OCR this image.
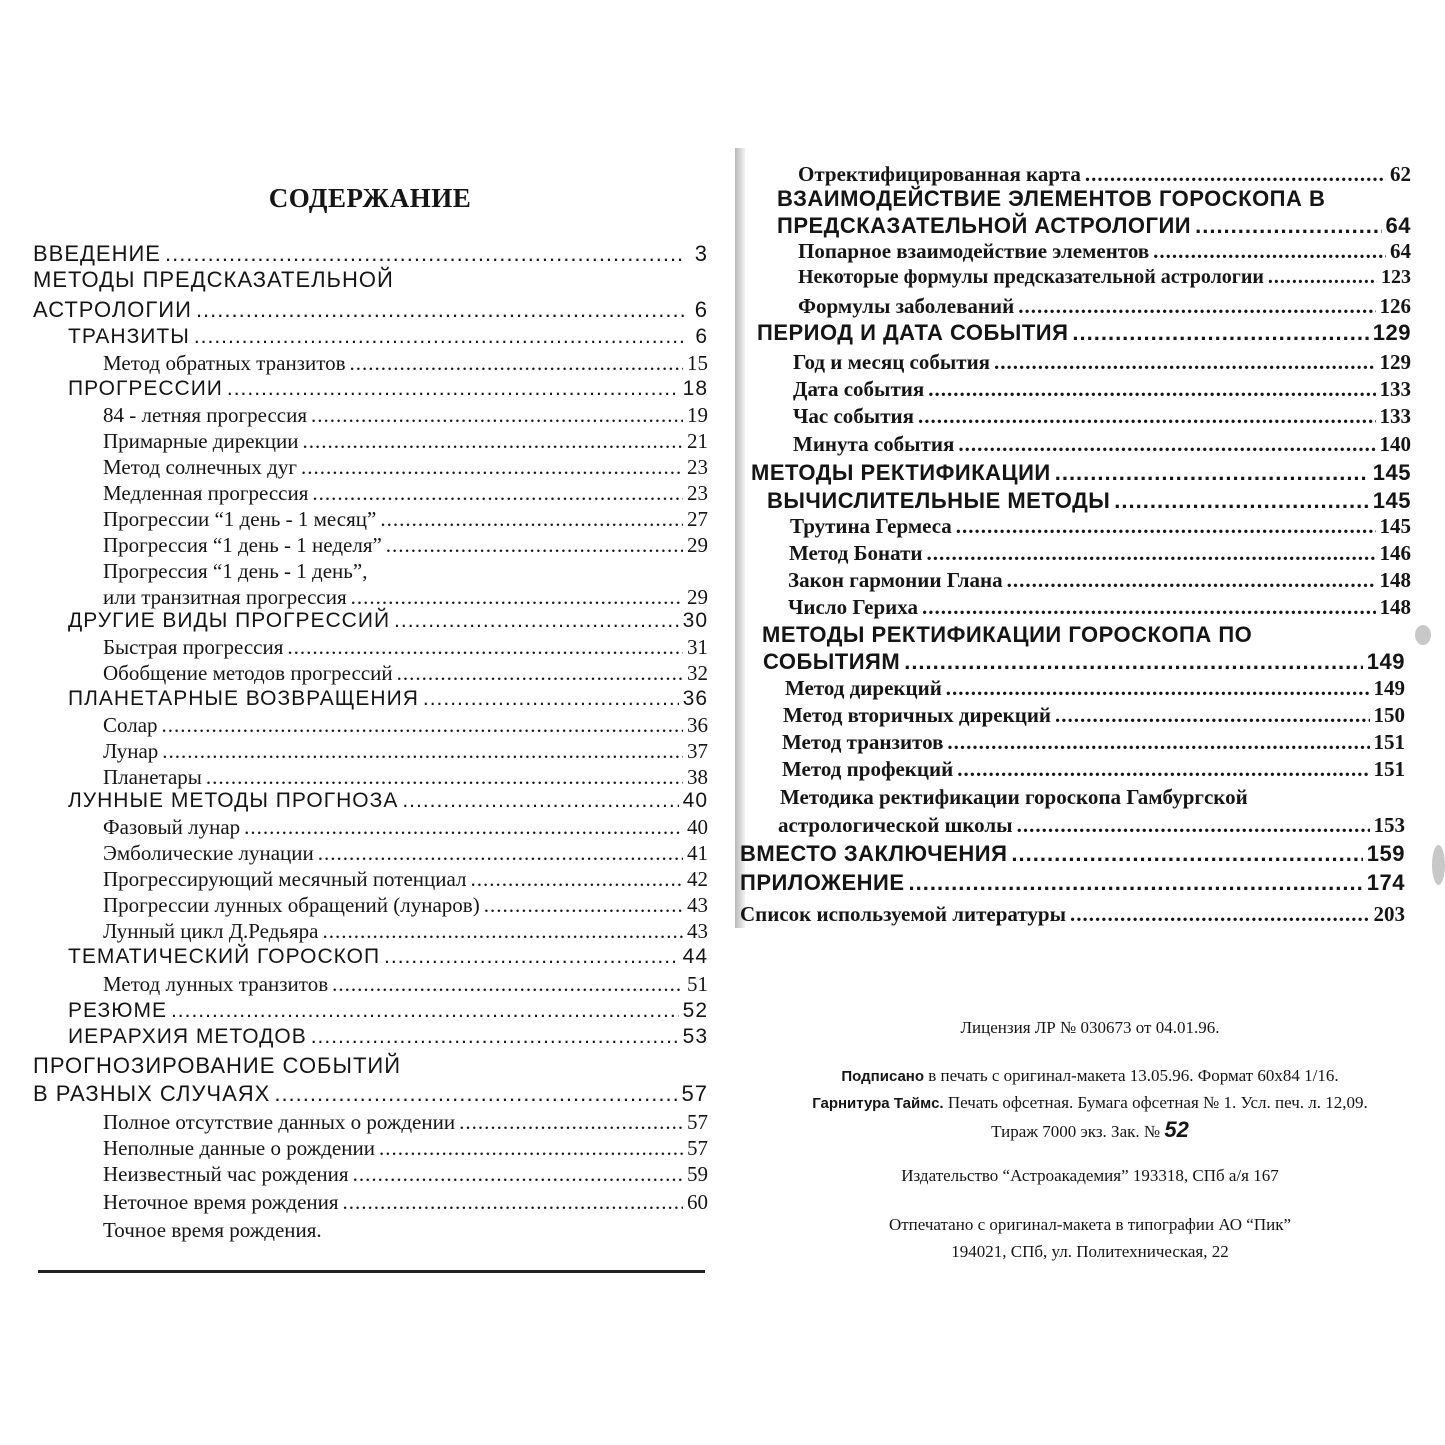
СОДЕРЖАНИЕ
ВВЕДЕНИЕ .....	3
МЕТОДЫ ПРЕДСКАЗАТЕЛЬНОЙ
АСТРОЛОГИИ .....	6
ТРАНЗИТЫ .....	6
Метод обратных транзитов .....	15
ПРОГРЕССИИ .....	18
84 - летняя прогрессия .....	19
Примарные дирекции .....	21
Метод солнечных дуг .....	23
Медленная прогрессия .....	23
Прогрессии “1 день - 1 месяц” .....	27
Прогрессия “1 день - 1 неделя” .....	29
Прогрессия “1 день - 1 день”,
или транзитная прогрессия .....	29
ДРУГИЕ ВИДЫ ПРОГРЕССИЙ .....	30
Быстрая прогрессия .....	31
Обобщение методов прогрессий .....	32
ПЛАНЕТАРНЫЕ ВОЗВРАЩЕНИЯ .....	36
Солар .....	36
Лунар .....	37
Планетары .....	38
ЛУННЫЕ МЕТОДЫ ПРОГНОЗА .....	40
Фазовый лунар .....	40
Эмболические лунации .....	41
Прогрессирующий месячный потенциал .....	42
Прогрессии лунных обращений (лунаров) .....	43
Лунный цикл Д.Редьяра .....	43
ТЕМАТИЧЕСКИЙ ГОРОСКОП .....	44
Метод лунных транзитов .....	51
РЕЗЮМЕ .....	52
ИЕРАРХИЯ МЕТОДОВ .....	53
ПРОГНОЗИРОВАНИЕ СОБЫТИЙ
В РАЗНЫХ СЛУЧАЯХ .....	57
Полное отсутствие данных о рождении .....	57
Неполные данные о рождении .....	57
Неизвестный час рождения .....	59
Неточное время рождения .....	60
Точное время рождения.
Отректифицированная карта .....	62
ВЗАИМОДЕЙСТВИЕ ЭЛЕМЕНТОВ ГОРОСКОПА В
ПРЕДСКАЗАТЕЛЬНОЙ АСТРОЛОГИИ .....	64
Попарное взаимодействие элементов .....	64
Некоторые формулы предсказательной астрологии .....	123
Формулы заболеваний .....	126
ПЕРИОД И ДАТА СОБЫТИЯ .....	129
Год и месяц события .....	129
Дата события .....	133
Час события .....	133
Минута события .....	140
МЕТОДЫ РЕКТИФИКАЦИИ .....	145
ВЫЧИСЛИТЕЛЬНЫЕ МЕТОДЫ .....	145
Трутина Гермеса .....	145
Метод Бонати .....	146
Закон гармонии Глана .....	148
Число Гериха .....	148
МЕТОДЫ РЕКТИФИКАЦИИ ГОРОСКОПА ПО
СОБЫТИЯМ .....	149
Метод дирекций .....	149
Метод вторичных дирекций .....	150
Метод транзитов .....	151
Метод профекций .....	151
Методика ректификации гороскопа Гамбургской
астрологической школы .....	153
ВМЕСТО ЗАКЛЮЧЕНИЯ .....	159
ПРИЛОЖЕНИЕ .....	174
Список используемой литературы .....	203
Лицензия ЛР № 030673 от 04.01.96.
Подписано в печать с оригинал-макета 13.05.96. Формат 60x84 1/16.
Гарнитура Таймс. Печать офсетная. Бумага офсетная № 1. Усл. печ. л. 12,09.
Тираж 7000 экз. Зак. № 52
Издательство “Астроакадемия” 193318, СПб а/я 167
Отпечатано с оригинал-макета в типографии АО “Пик”
194021, СПб, ул. Политехническая, 22
